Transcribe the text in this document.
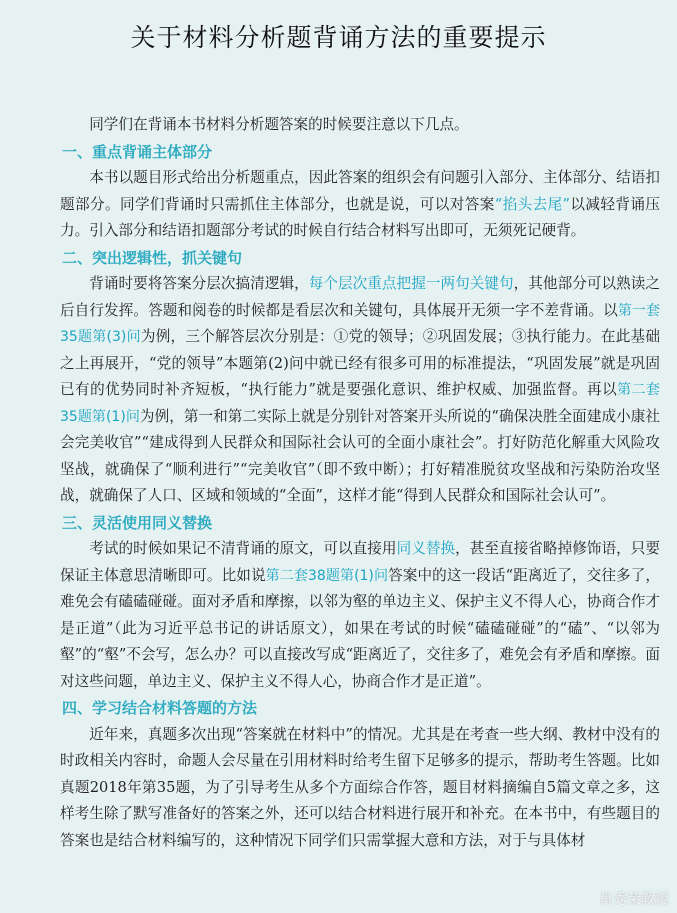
关于材料分析题背诵方法的重要提示

同学们在背诵本书材料分析题答案的时候要注意以下几点。

一、重点背诵主体部分

本书以题目形式给出分析题重点，因此答案的组织会有问题引入部分、主体部分、结语扣题部分。同学们背诵时只需抓住主体部分，也就是说，可以对答案“掐头去尾”以减轻背诵压力。引入部分和结语扣题部分考试的时候自行结合材料写出即可，无须死记硬背。

二、突出逻辑性，抓关键句

背诵时要将答案分层次搞清逻辑，每个层次重点把握一两句关键句，其他部分可以熟读之后自行发挥。答题和阅卷的时候都是看层次和关键句，具体展开无须一字不差背诵。以第一套35题第(3)问为例，三个解答层次分别是：①党的领导；②巩固发展；③执行能力。在此基础之上再展开，“党的领导”本题第(2)问中就已经有很多可用的标准提法，“巩固发展”就是巩固已有的优势同时补齐短板，“执行能力”就是要强化意识、维护权威、加强监督。再以第二套35题第(1)问为例，第一和第二实际上就是分别针对答案开头所说的“确保决胜全面建成小康社会完美收官”“建成得到人民群众和国际社会认可的全面小康社会”。打好防范化解重大风险攻坚战，就确保了“顺利进行”“完美收官”（即不致中断）；打好精准脱贫攻坚战和污染防治攻坚战，就确保了人口、区域和领域的“全面”，这样才能“得到人民群众和国际社会认可”。

三、灵活使用同义替换

考试的时候如果记不清背诵的原文，可以直接用同义替换，甚至直接省略掉修饰语，只要保证主体意思清晰即可。比如说第二套38题第(1)问答案中的这一段话“距离近了，交往多了，难免会有磕磕碰碰。面对矛盾和摩擦，以邻为壑的单边主义、保护主义不得人心，协商合作才是正道”（此为习近平总书记的讲话原文），如果在考试的时候“磕磕碰碰”的“磕”、“以邻为壑”的“壑”不会写，怎么办？可以直接改写成“距离近了，交往多了，难免会有矛盾和摩擦。面对这些问题，单边主义、保护主义不得人心，协商合作才是正道”。

四、学习结合材料答题的方法

近年来，真题多次出现“答案就在材料中”的情况。尤其是在考查一些大纲、教材中没有的时政相关内容时，命题人会尽量在引用材料时给考生留下足够多的提示，帮助考生答题。比如真题2018年第35题，为了引导考生从多个方面综合作答，题目材料摘编自5篇文章之多，这样考生除了默写准备好的答案之外，还可以结合材料进行展开和补充。在本书中，有些题目的答案也是结合材料编写的，这种情况下同学们只需掌握大意和方法，对于与具体材

肖秀荣教授
